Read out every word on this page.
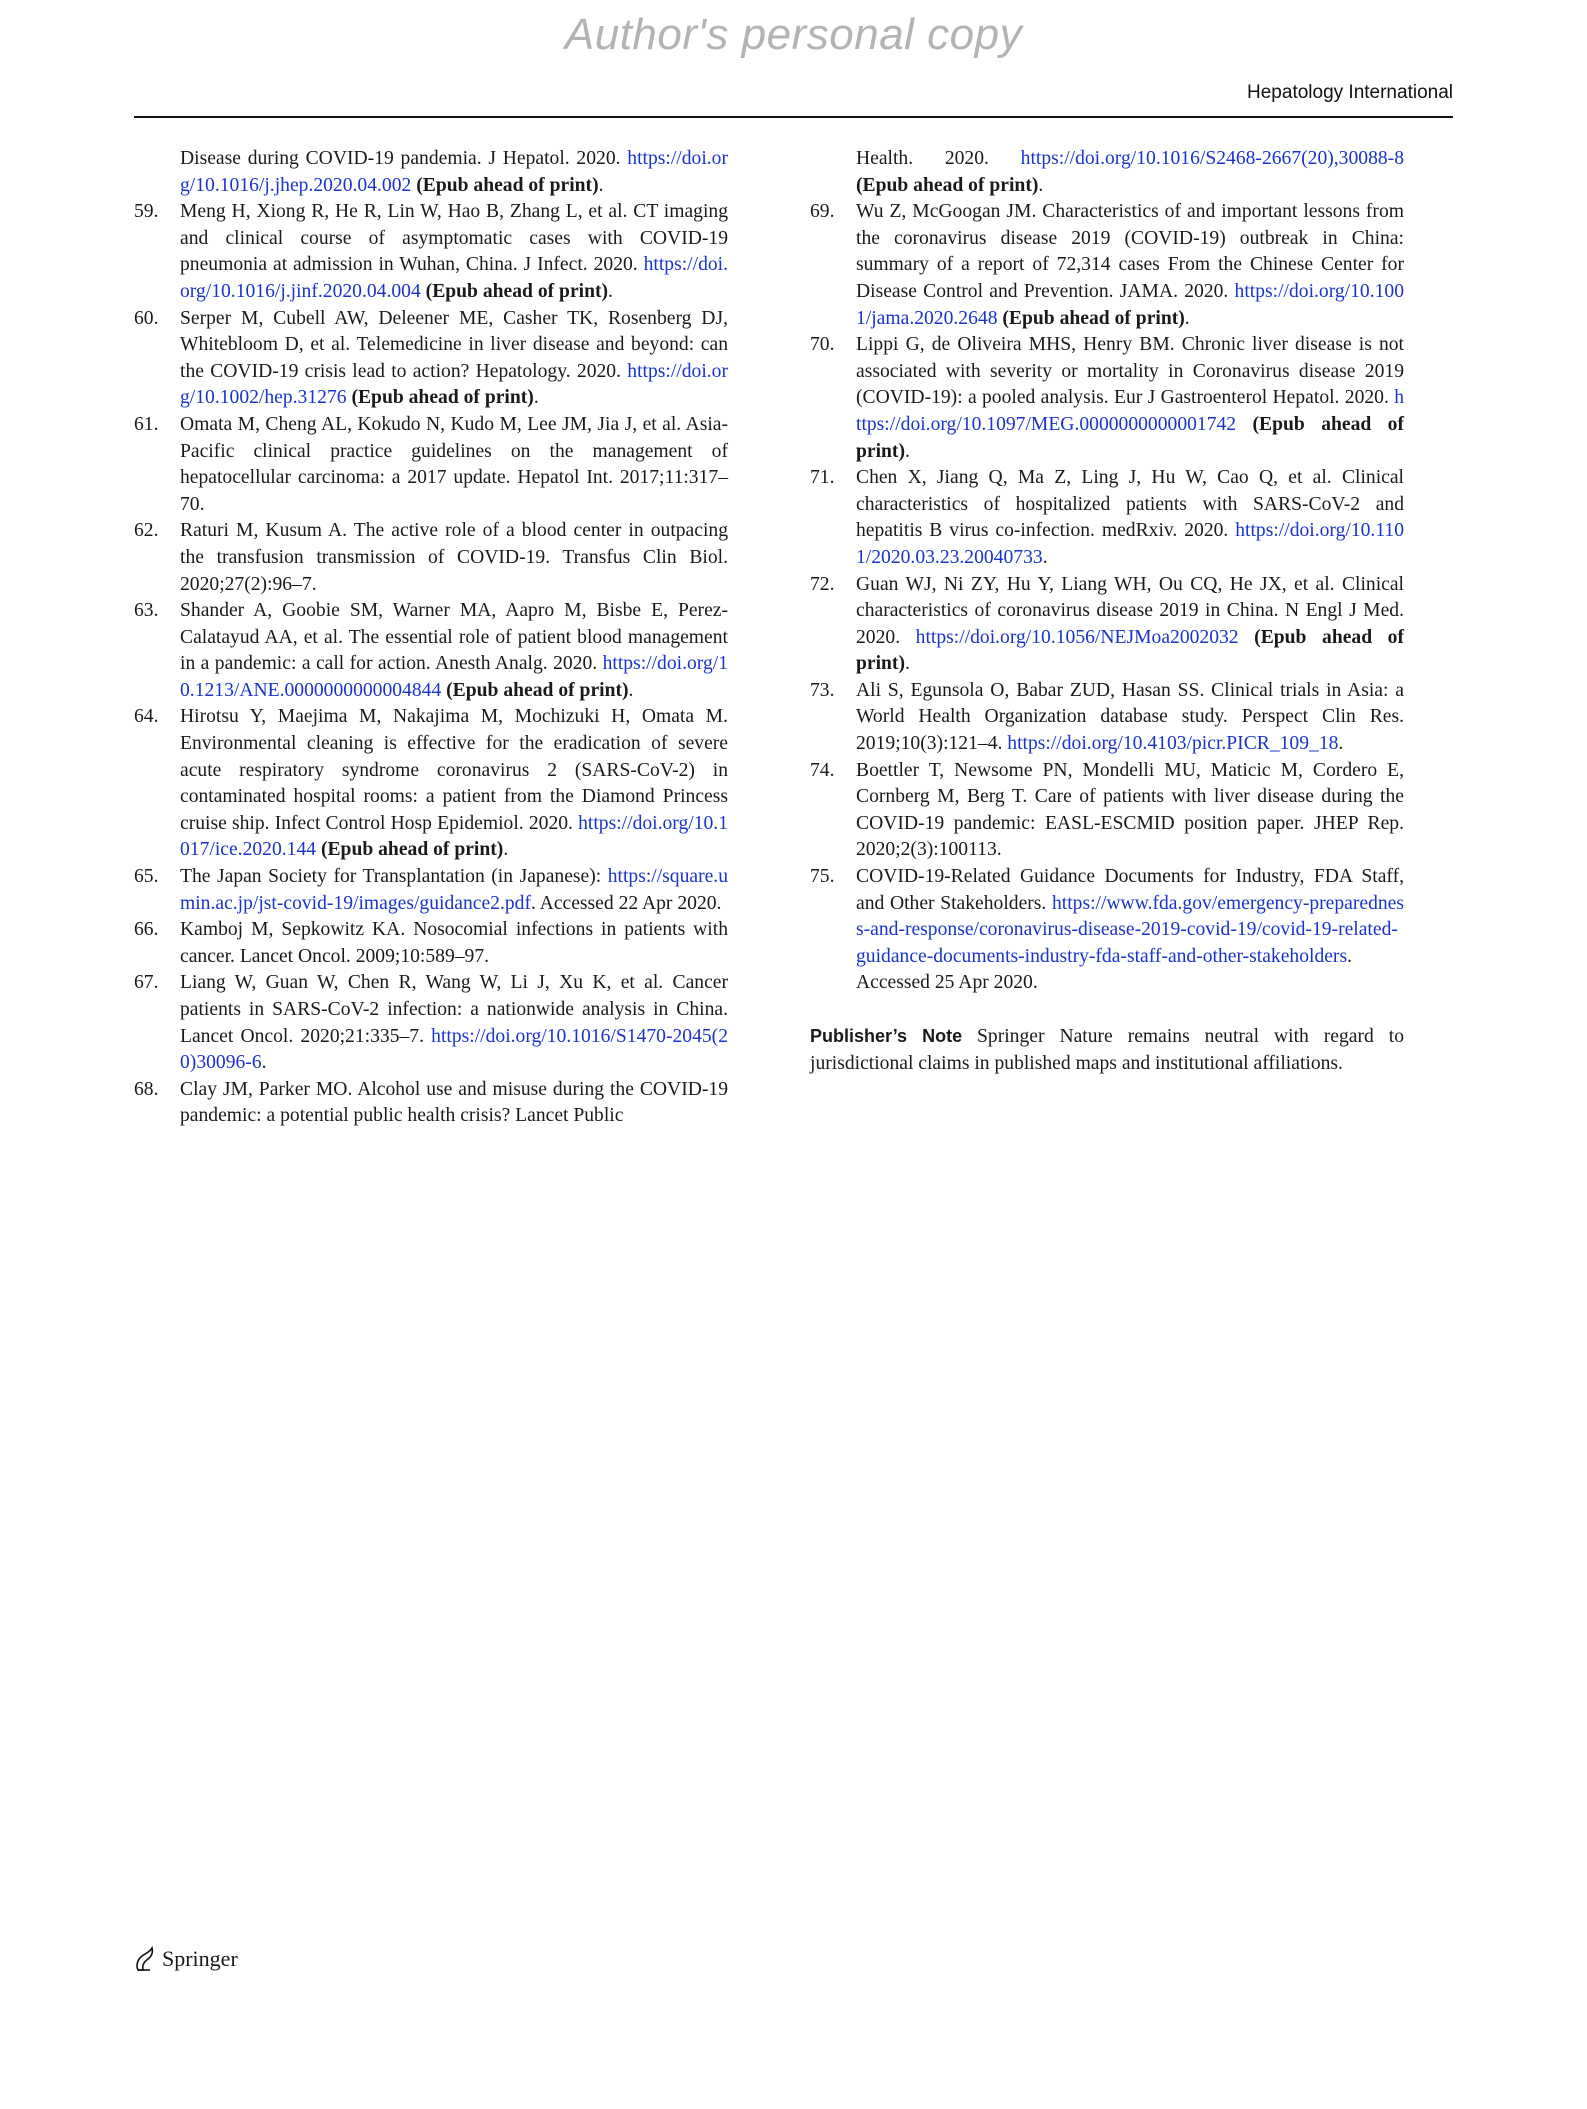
Author's personal copy
Hepatology International
Disease during COVID-19 pandemia. J Hepatol. 2020. https://doi.org/10.1016/j.jhep.2020.04.002 (Epub ahead of print).
59. Meng H, Xiong R, He R, Lin W, Hao B, Zhang L, et al. CT imaging and clinical course of asymptomatic cases with COVID-19 pneumonia at admission in Wuhan, China. J Infect. 2020. https://doi.org/10.1016/j.jinf.2020.04.004 (Epub ahead of print).
60. Serper M, Cubell AW, Deleener ME, Casher TK, Rosenberg DJ, Whitebloom D, et al. Telemedicine in liver disease and beyond: can the COVID-19 crisis lead to action? Hepatology. 2020. https://doi.org/10.1002/hep.31276 (Epub ahead of print).
61. Omata M, Cheng AL, Kokudo N, Kudo M, Lee JM, Jia J, et al. Asia-Pacific clinical practice guidelines on the management of hepatocellular carcinoma: a 2017 update. Hepatol Int. 2017;11:317–70.
62. Raturi M, Kusum A. The active role of a blood center in outpacing the transfusion transmission of COVID-19. Transfus Clin Biol. 2020;27(2):96–7.
63. Shander A, Goobie SM, Warner MA, Aapro M, Bisbe E, Perez-Calatayud AA, et al. The essential role of patient blood management in a pandemic: a call for action. Anesth Analg. 2020. https://doi.org/10.1213/ANE.0000000000004844 (Epub ahead of print).
64. Hirotsu Y, Maejima M, Nakajima M, Mochizuki H, Omata M. Environmental cleaning is effective for the eradication of severe acute respiratory syndrome coronavirus 2 (SARS-CoV-2) in contaminated hospital rooms: a patient from the Diamond Princess cruise ship. Infect Control Hosp Epidemiol. 2020. https://doi.org/10.1017/ice.2020.144 (Epub ahead of print).
65. The Japan Society for Transplantation (in Japanese): https://square.umin.ac.jp/jst-covid-19/images/guidance2.pdf. Accessed 22 Apr 2020.
66. Kamboj M, Sepkowitz KA. Nosocomial infections in patients with cancer. Lancet Oncol. 2009;10:589–97.
67. Liang W, Guan W, Chen R, Wang W, Li J, Xu K, et al. Cancer patients in SARS-CoV-2 infection: a nationwide analysis in China. Lancet Oncol. 2020;21:335–7. https://doi.org/10.1016/S1470-2045(20)30096-6.
68. Clay JM, Parker MO. Alcohol use and misuse during the COVID-19 pandemic: a potential public health crisis? Lancet Public
Health. 2020. https://doi.org/10.1016/S2468-2667(20),30088-8 (Epub ahead of print).
69. Wu Z, McGoogan JM. Characteristics of and important lessons from the coronavirus disease 2019 (COVID-19) outbreak in China: summary of a report of 72,314 cases From the Chinese Center for Disease Control and Prevention. JAMA. 2020. https://doi.org/10.1001/jama.2020.2648 (Epub ahead of print).
70. Lippi G, de Oliveira MHS, Henry BM. Chronic liver disease is not associated with severity or mortality in Coronavirus disease 2019 (COVID-19): a pooled analysis. Eur J Gastroenterol Hepatol. 2020. https://doi.org/10.1097/MEG.0000000000001742 (Epub ahead of print).
71. Chen X, Jiang Q, Ma Z, Ling J, Hu W, Cao Q, et al. Clinical characteristics of hospitalized patients with SARS-CoV-2 and hepatitis B virus co-infection. medRxiv. 2020. https://doi.org/10.1101/2020.03.23.20040733.
72. Guan WJ, Ni ZY, Hu Y, Liang WH, Ou CQ, He JX, et al. Clinical characteristics of coronavirus disease 2019 in China. N Engl J Med. 2020. https://doi.org/10.1056/NEJMoa2002032 (Epub ahead of print).
73. Ali S, Egunsola O, Babar ZUD, Hasan SS. Clinical trials in Asia: a World Health Organization database study. Perspect Clin Res. 2019;10(3):121–4. https://doi.org/10.4103/picr.PICR_109_18.
74. Boettler T, Newsome PN, Mondelli MU, Maticic M, Cordero E, Cornberg M, Berg T. Care of patients with liver disease during the COVID-19 pandemic: EASL-ESCMID position paper. JHEP Rep. 2020;2(3):100113.
75. COVID-19-Related Guidance Documents for Industry, FDA Staff, and Other Stakeholders. https://www.fda.gov/emergency-preparedness-and-response/coronavirus-disease-2019-covid-19/covid-19-related-guidance-documents-industry-fda-staff-and-other-stakeholders. Accessed 25 Apr 2020.
Publisher’s Note Springer Nature remains neutral with regard to jurisdictional claims in published maps and institutional affiliations.
Springer
